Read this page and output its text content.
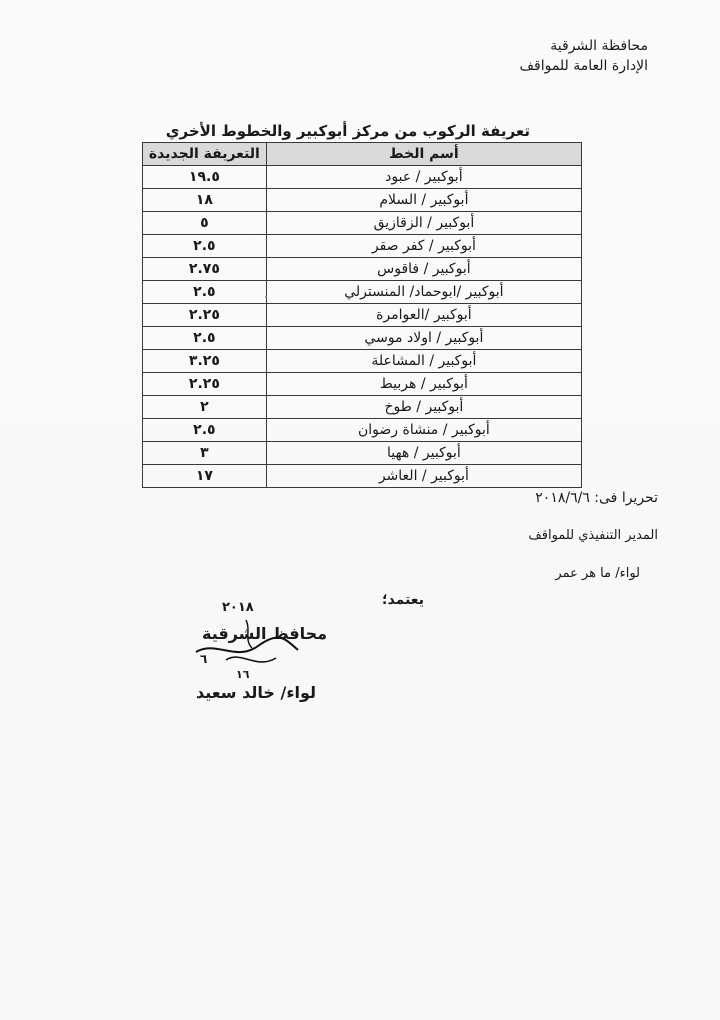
محافظة الشرقية
الإدارة العامة للمواقف
تعريفة الركوب من مركز أبوكبير والخطوط الأخري
أسم الخط	التعريفة الجديدة
أبوكبير / عبود	١٩.٥
أبوكبير / السلام	١٨
أبوكبير / الزقازيق	٥
أبوكبير / كفر صقر	٢.٥
أبوكبير / فاقوس	٢.٧٥
أبوكبير /ابوحماد/ المنسترلي	٢.٥
أبوكبير /العوامرة	٢.٢٥
أبوكبير / اولاد موسي	٢.٥
أبوكبير / المشاعلة	٣.٢٥
أبوكبير / هربيط	٢.٢٥
أبوكبير / طوخ	٢
أبوكبير / منشاة رضوان	٢.٥
أبوكبير / ههيا	٣
أبوكبير / العاشر	١٧
تحريرا فى: ٢٠١٨/٦/٦
المدير التنفيذي للمواقف
لواء/ ما هر عمر
يعتمد؛
٢٠١٨
محافظ الشرقية
٦
١٦
لواء/ خالد سعيد
